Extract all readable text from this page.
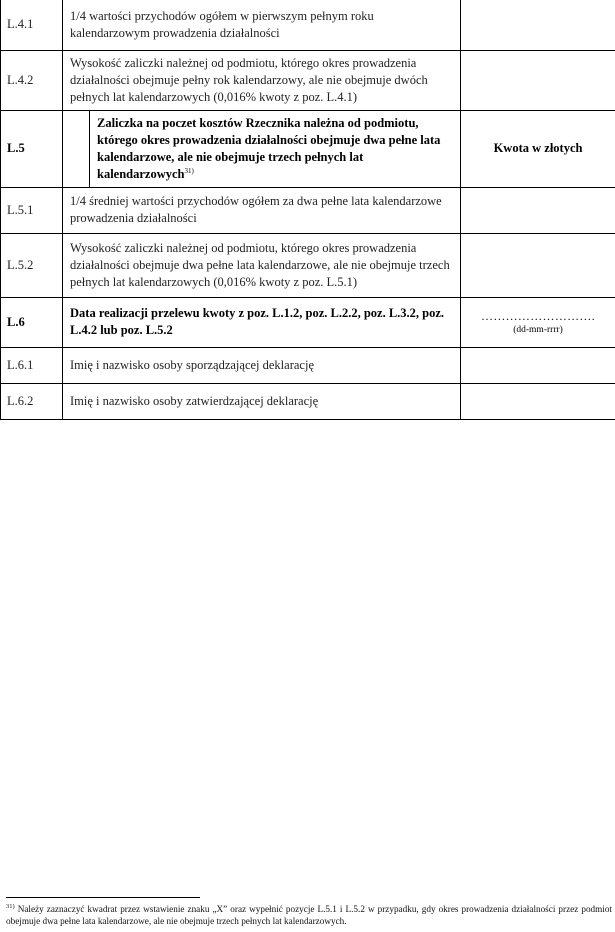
L.4.1	1/4 wartości przychodów ogółem w pierwszym pełnym roku kalendarzowym prowadzenia działalności		
L.4.2	Wysokość zaliczki należnej od podmiotu, którego okres prowadzenia działalności obejmuje pełny rok kalendarzowy, ale nie obejmuje dwóch pełnych lat kalendarzowych (0,016% kwoty z poz. L.4.1)		
L.5		Zaliczka na poczet kosztów Rzecznika należna od podmiotu, którego okres prowadzenia działalności obejmuje dwa pełne lata kalendarzowe, ale nie obejmuje trzech pełnych lat kalendarzowych$^{31)}$	Kwota w złotych
L.5.1	1/4 średniej wartości przychodów ogółem za dwa pełne lata kalendarzowe prowadzenia działalności		
L.5.2	Wysokość zaliczki należnej od podmiotu, którego okres prowadzenia działalności obejmuje dwa pełne lata kalendarzowe, ale nie obejmuje trzech pełnych lat kalendarzowych (0,016% kwoty z poz. L.5.1)		
L.6	Data realizacji przelewu kwoty z poz. L.1.2, poz. L.2.2, poz. L.3.2, poz. L.4.2 lub poz. L.5.2		……………………….
(dd-mm-rrrr)

L.6.1	Imię i nazwisko osoby sporządzającej deklarację		
L.6.2	Imię i nazwisko osoby zatwierdzającej deklarację		
$^{31)}$ Należy zaznaczyć kwadrat przez wstawienie znaku „X” oraz wypełnić pozycje L.5.1 i L.5.2 w przypadku, gdy okres prowadzenia działalności przez podmiot obejmuje dwa pełne lata kalendarzowe, ale nie obejmuje trzech pełnych lat kalendarzowych.
